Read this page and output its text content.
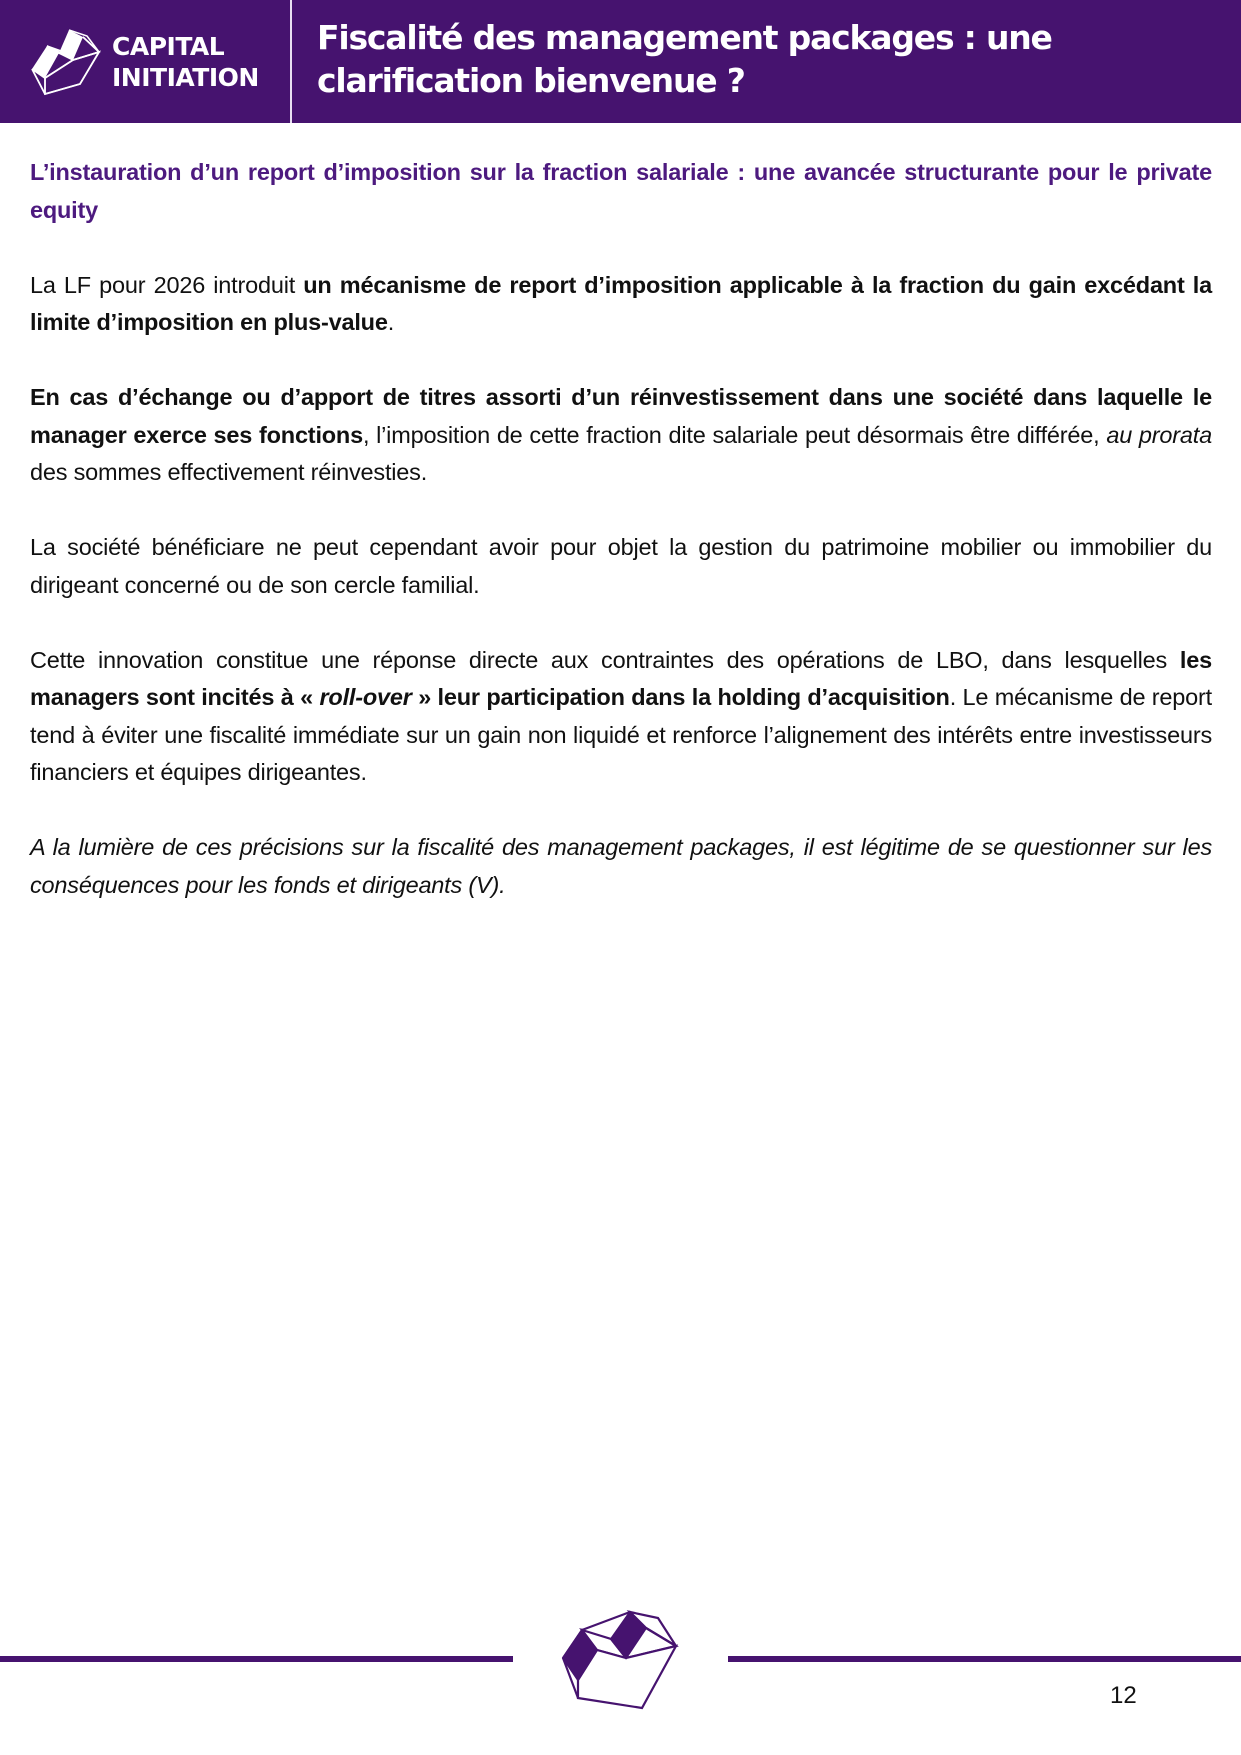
CAPITAL
INITIATION
Fiscalité des management packages : une
clarification bienvenue ?

L’instauration d’un report d’imposition sur la fraction salariale : une avancée structurante pour le private equity

La LF pour 2026 introduit un mécanisme de report d’imposition applicable à la fraction du gain excédant la limite d’imposition en plus-value.

En cas d’échange ou d’apport de titres assorti d’un réinvestissement dans une société dans laquelle le manager exerce ses fonctions, l’imposition de cette fraction dite salariale peut désormais être différée, au prorata des sommes effectivement réinvesties.

La société bénéficiare ne peut cependant avoir pour objet la gestion du patrimoine mobilier ou immobilier du dirigeant concerné ou de son cercle familial.

Cette innovation constitue une réponse directe aux contraintes des opérations de LBO, dans lesquelles les managers sont incités à « roll-over » leur participation dans la holding d’acquisition. Le mécanisme de report tend à éviter une fiscalité immédiate sur un gain non liquidé et renforce l’alignement des intérêts entre investisseurs financiers et équipes dirigeantes.

A la lumière de ces précisions sur la fiscalité des management packages, il est légitime de se questionner sur les conséquences pour les fonds et dirigeants (V).

12
